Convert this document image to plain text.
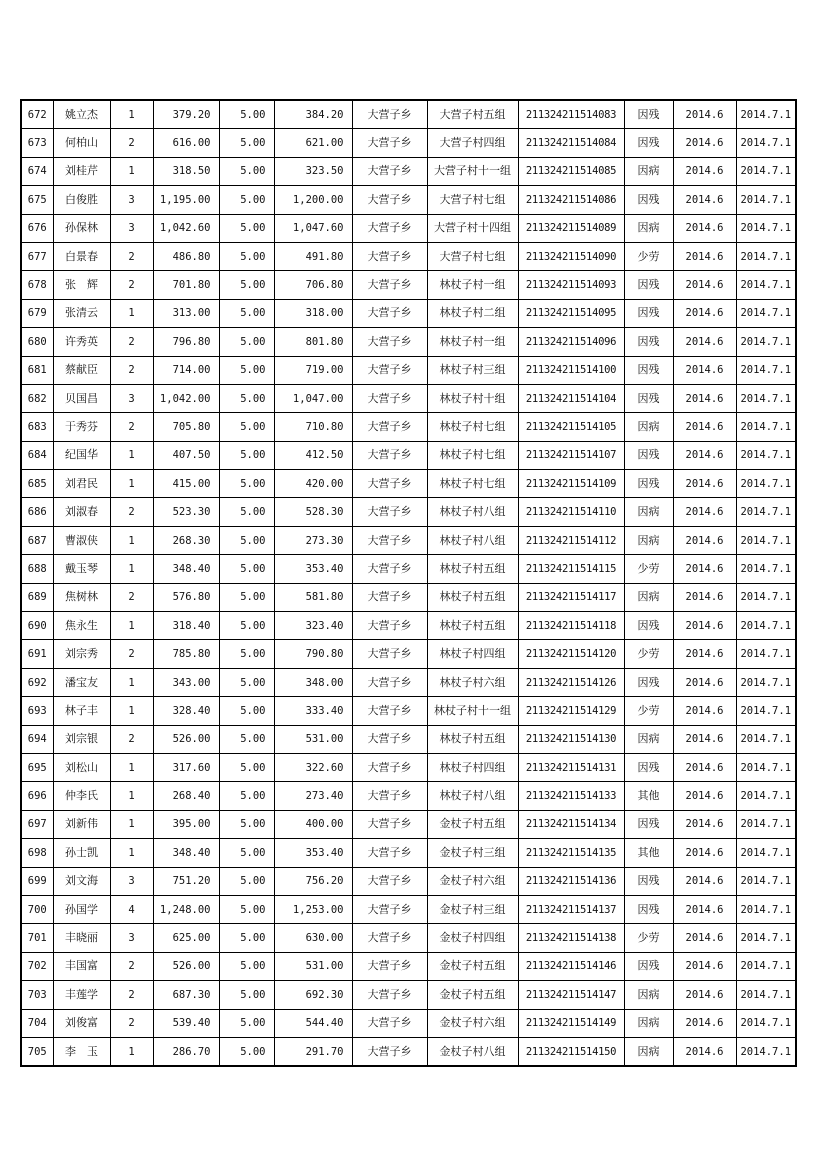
672	姚立杰	1	379.20	5.00	384.20	大营子乡	大营子村五组	211324211514083	因残	2014.6	2014.7.1
673	何柏山	2	616.00	5.00	621.00	大营子乡	大营子村四组	211324211514084	因残	2014.6	2014.7.1
674	刘桂芹	1	318.50	5.00	323.50	大营子乡	大营子村十一组	211324211514085	因病	2014.6	2014.7.1
675	白俊胜	3	1,195.00	5.00	1,200.00	大营子乡	大营子村七组	211324211514086	因残	2014.6	2014.7.1
676	孙保林	3	1,042.60	5.00	1,047.60	大营子乡	大营子村十四组	211324211514089	因病	2014.6	2014.7.1
677	白景春	2	486.80	5.00	491.80	大营子乡	大营子村七组	211324211514090	少劳	2014.6	2014.7.1
678	张　辉	2	701.80	5.00	706.80	大营子乡	林杖子村一组	211324211514093	因残	2014.6	2014.7.1
679	张清云	1	313.00	5.00	318.00	大营子乡	林杖子村二组	211324211514095	因残	2014.6	2014.7.1
680	许秀英	2	796.80	5.00	801.80	大营子乡	林杖子村一组	211324211514096	因残	2014.6	2014.7.1
681	蔡献臣	2	714.00	5.00	719.00	大营子乡	林杖子村三组	211324211514100	因残	2014.6	2014.7.1
682	贝国昌	3	1,042.00	5.00	1,047.00	大营子乡	林杖子村十组	211324211514104	因残	2014.6	2014.7.1
683	于秀芬	2	705.80	5.00	710.80	大营子乡	林杖子村七组	211324211514105	因病	2014.6	2014.7.1
684	纪国华	1	407.50	5.00	412.50	大营子乡	林杖子村七组	211324211514107	因残	2014.6	2014.7.1
685	刘君民	1	415.00	5.00	420.00	大营子乡	林杖子村七组	211324211514109	因残	2014.6	2014.7.1
686	刘淑春	2	523.30	5.00	528.30	大营子乡	林杖子村八组	211324211514110	因病	2014.6	2014.7.1
687	曹淑侠	1	268.30	5.00	273.30	大营子乡	林杖子村八组	211324211514112	因病	2014.6	2014.7.1
688	戴玉琴	1	348.40	5.00	353.40	大营子乡	林杖子村五组	211324211514115	少劳	2014.6	2014.7.1
689	焦树林	2	576.80	5.00	581.80	大营子乡	林杖子村五组	211324211514117	因病	2014.6	2014.7.1
690	焦永生	1	318.40	5.00	323.40	大营子乡	林杖子村五组	211324211514118	因残	2014.6	2014.7.1
691	刘宗秀	2	785.80	5.00	790.80	大营子乡	林杖子村四组	211324211514120	少劳	2014.6	2014.7.1
692	潘宝友	1	343.00	5.00	348.00	大营子乡	林杖子村六组	211324211514126	因残	2014.6	2014.7.1
693	林子丰	1	328.40	5.00	333.40	大营子乡	林杖子村十一组	211324211514129	少劳	2014.6	2014.7.1
694	刘宗银	2	526.00	5.00	531.00	大营子乡	林杖子村五组	211324211514130	因病	2014.6	2014.7.1
695	刘松山	1	317.60	5.00	322.60	大营子乡	林杖子村四组	211324211514131	因残	2014.6	2014.7.1
696	仲李氏	1	268.40	5.00	273.40	大营子乡	林杖子村八组	211324211514133	其他	2014.6	2014.7.1
697	刘新伟	1	395.00	5.00	400.00	大营子乡	金杖子村五组	211324211514134	因残	2014.6	2014.7.1
698	孙士凯	1	348.40	5.00	353.40	大营子乡	金杖子村三组	211324211514135	其他	2014.6	2014.7.1
699	刘文海	3	751.20	5.00	756.20	大营子乡	金杖子村六组	211324211514136	因残	2014.6	2014.7.1
700	孙国学	4	1,248.00	5.00	1,253.00	大营子乡	金杖子村三组	211324211514137	因残	2014.6	2014.7.1
701	丰晓丽	3	625.00	5.00	630.00	大营子乡	金杖子村四组	211324211514138	少劳	2014.6	2014.7.1
702	丰国富	2	526.00	5.00	531.00	大营子乡	金杖子村五组	211324211514146	因残	2014.6	2014.7.1
703	丰莲学	2	687.30	5.00	692.30	大营子乡	金杖子村五组	211324211514147	因病	2014.6	2014.7.1
704	刘俊富	2	539.40	5.00	544.40	大营子乡	金杖子村六组	211324211514149	因病	2014.6	2014.7.1
705	李　玉	1	286.70	5.00	291.70	大营子乡	金杖子村八组	211324211514150	因病	2014.6	2014.7.1
